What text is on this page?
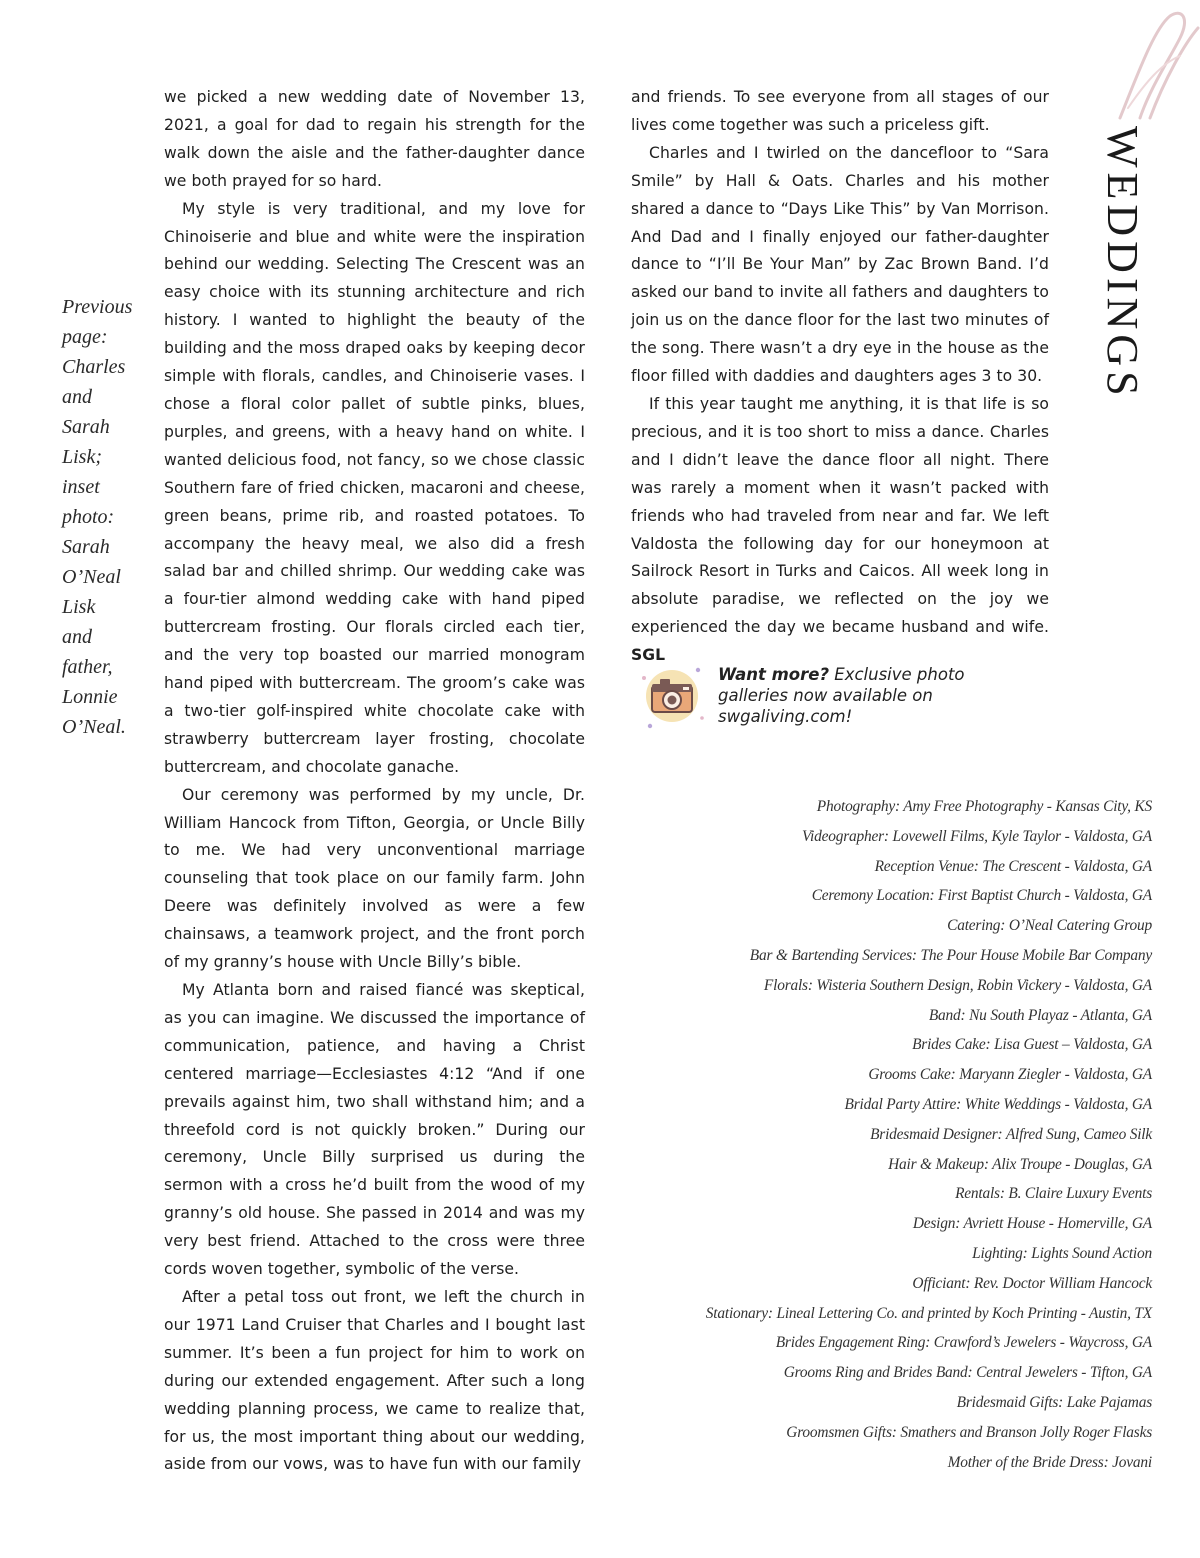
WEDDINGS
Previous
page:
Charles
and
Sarah
Lisk;
inset
photo:
Sarah
O’Neal
Lisk
and
father,
Lonnie
O’Neal.

we picked a new wedding date of November 13, 2021, a goal for dad to regain his strength for the walk down the aisle and the father-daughter dance we both prayed for so hard.

My style is very traditional, and my love for Chinoiserie and blue and white were the inspiration behind our wedding. Selecting The Crescent was an easy choice with its stunning architecture and rich history. I wanted to highlight the beauty of the building and the moss draped oaks by keeping decor simple with florals, candles, and Chinoiserie vases. I chose a floral color pallet of subtle pinks, blues, purples, and greens, with a heavy hand on white. I wanted delicious food, not fancy, so we chose classic Southern fare of fried chicken, macaroni and cheese, green beans, prime rib, and roasted potatoes. To accompany the heavy meal, we also did a fresh salad bar and chilled shrimp. Our wedding cake was a four-tier almond wedding cake with hand piped buttercream frosting. Our florals circled each tier, and the very top boasted our married monogram hand piped with buttercream. The groom’s cake was a two-tier golf-inspired white chocolate cake with strawberry buttercream layer frosting, chocolate buttercream, and chocolate ganache.

Our ceremony was performed by my uncle, Dr. William Hancock from Tifton, Georgia, or Uncle Billy to me. We had very unconventional marriage counseling that took place on our family farm. John Deere was definitely involved as were a few chainsaws, a teamwork project, and the front porch of my granny’s house with Uncle Billy’s bible.

My Atlanta born and raised fiancé was skeptical, as you can imagine. We discussed the importance of communication, patience, and having a Christ centered marriage—Ecclesiastes 4:12 “And if one prevails against him, two shall withstand him; and a threefold cord is not quickly broken.” During our ceremony, Uncle Billy surprised us during the sermon with a cross he’d built from the wood of my granny’s old house. She passed in 2014 and was my very best friend. Attached to the cross were three cords woven together, symbolic of the verse.

After a petal toss out front, we left the church in our 1971 Land Cruiser that Charles and I bought last summer. It’s been a fun project for him to work on during our extended engagement. After such a long wedding planning process, we came to realize that, for us, the most important thing about our wedding, aside from our vows, was to have fun with our family

and friends. To see everyone from all stages of our lives come together was such a priceless gift.

Charles and I twirled on the dancefloor to “Sara Smile” by Hall & Oats. Charles and his mother shared a dance to “Days Like This” by Van Morrison. And Dad and I finally enjoyed our father-daughter dance to “I’ll Be Your Man” by Zac Brown Band. I’d asked our band to invite all fathers and daughters to join us on the dance floor for the last two minutes of the song. There wasn’t a dry eye in the house as the floor filled with daddies and daughters ages 3 to 30.

If this year taught me anything, it is that life is so precious, and it is too short to miss a dance. Charles and I didn’t leave the dance floor all night. There was rarely a moment when it wasn’t packed with friends who had traveled from near and far. We left Valdosta the following day for our honeymoon at Sailrock Resort in Turks and Caicos. All week long in absolute paradise, we reflected on the joy we experienced the day we became husband and wife. SGL

Want more? Exclusive photo galleries now available on swgaliving.com!
Photography: Amy Free Photography - Kansas City, KS
Videographer: Lovewell Films, Kyle Taylor - Valdosta, GA
Reception Venue: The Crescent - Valdosta, GA
Ceremony Location: First Baptist Church - Valdosta, GA
Catering: O’Neal Catering Group
Bar & Bartending Services: The Pour House Mobile Bar Company
Florals: Wisteria Southern Design, Robin Vickery - Valdosta, GA
Band: Nu South Playaz - Atlanta, GA
Brides Cake: Lisa Guest – Valdosta, GA
Grooms Cake: Maryann Ziegler - Valdosta, GA
Bridal Party Attire: White Weddings - Valdosta, GA
Bridesmaid Designer: Alfred Sung, Cameo Silk
Hair & Makeup: Alix Troupe - Douglas, GA
Rentals: B. Claire Luxury Events
Design: Avriett House - Homerville, GA
Lighting: Lights Sound Action
Officiant: Rev. Doctor William Hancock
Stationary: Lineal Lettering Co. and printed by Koch Printing - Austin, TX
Brides Engagement Ring: Crawford’s Jewelers - Waycross, GA
Grooms Ring and Brides Band: Central Jewelers - Tifton, GA
Bridesmaid Gifts: Lake Pajamas
Groomsmen Gifts: Smathers and Branson Jolly Roger Flasks
Mother of the Bride Dress: Jovani
